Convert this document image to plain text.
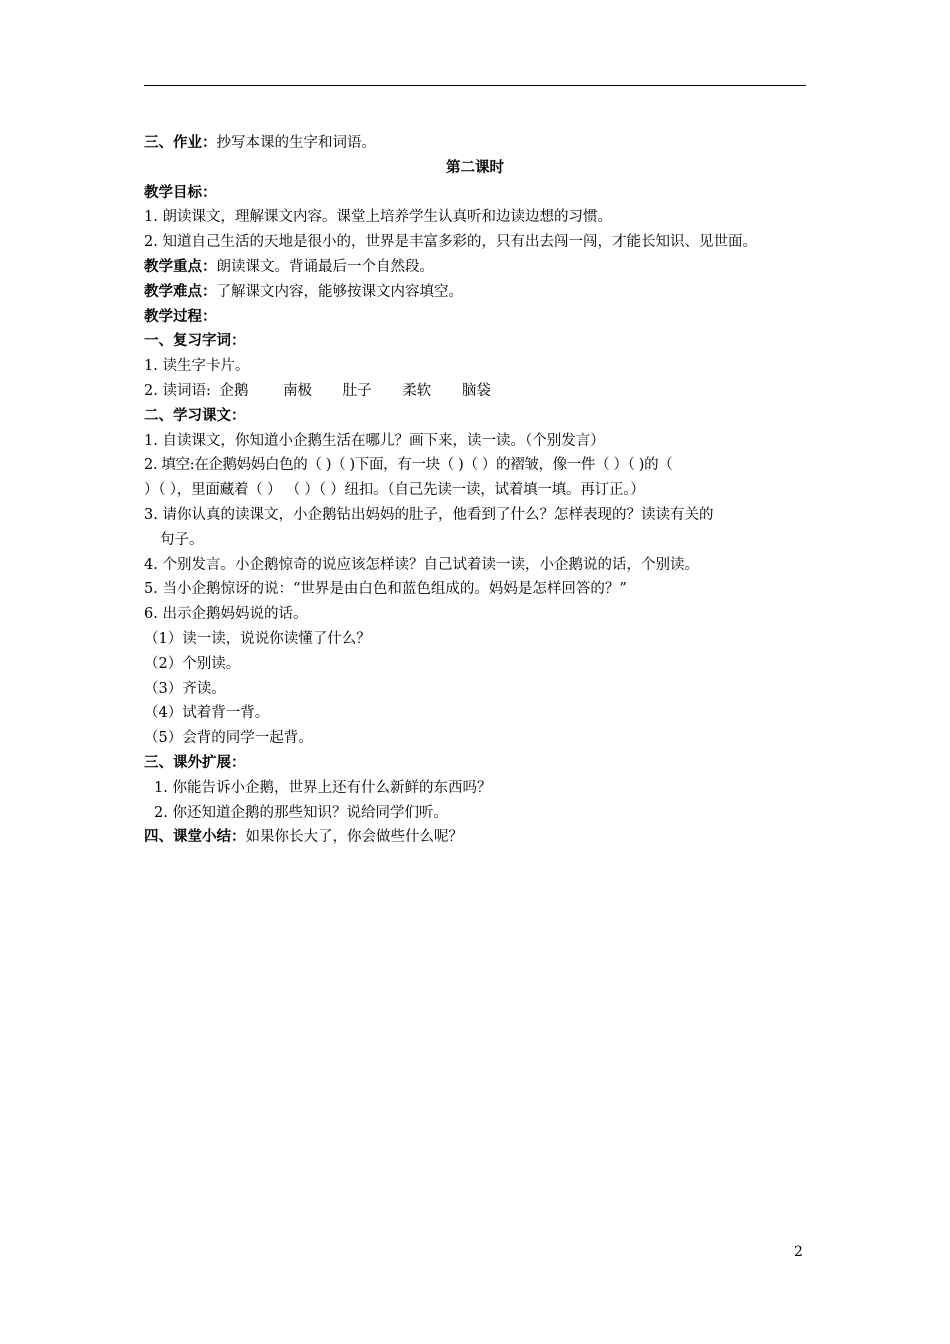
三、作业：抄写本课的生字和词语。
第二课时
教学目标：
1. 朗读课文，理解课文内容。课堂上培养学生认真听和边读边想的习惯。
2. 知道自己生活的天地是很小的，世界是丰富多彩的，只有出去闯一闯，才能长知识、见世面。
教学重点：朗读课文。背诵最后一个自然段。
教学难点：了解课文内容，能够按课文内容填空。
教学过程：
一、复习字词：
1. 读生字卡片。
2. 读词语: 企鹅 南极 肚子 柔软 脑袋
二、学习课文：
1. 自读课文，你知道小企鹅生活在哪儿？画下来，读一读。（个别发言）
2. 填空:在企鹅妈妈白色的（ )（ )下面，有一块（ )（ ）的褶皱，像一件（ ）（ )的（
）（ ），里面藏着（ ） （ ）（ ）纽扣。（自己先读一读，试着填一填。再订正。）
3. 请你认真的读课文，小企鹅钻出妈妈的肚子，他看到了什么？怎样表现的？读读有关的
句子。
4. 个别发言。小企鹅惊奇的说应该怎样读？自己试着读一读，小企鹅说的话，个别读。
5. 当小企鹅惊讶的说：“世界是由白色和蓝色组成的。妈妈是怎样回答的？”
6. 出示企鹅妈妈说的话。
（1）读一读，说说你读懂了什么？
（2）个别读。
（3）齐读。
（4）试着背一背。
（5）会背的同学一起背。
三、课外扩展：
1. 你能告诉小企鹅，世界上还有什么新鲜的东西吗？
2. 你还知道企鹅的那些知识？说给同学们听。
四、课堂小结：如果你长大了，你会做些什么呢？
2
